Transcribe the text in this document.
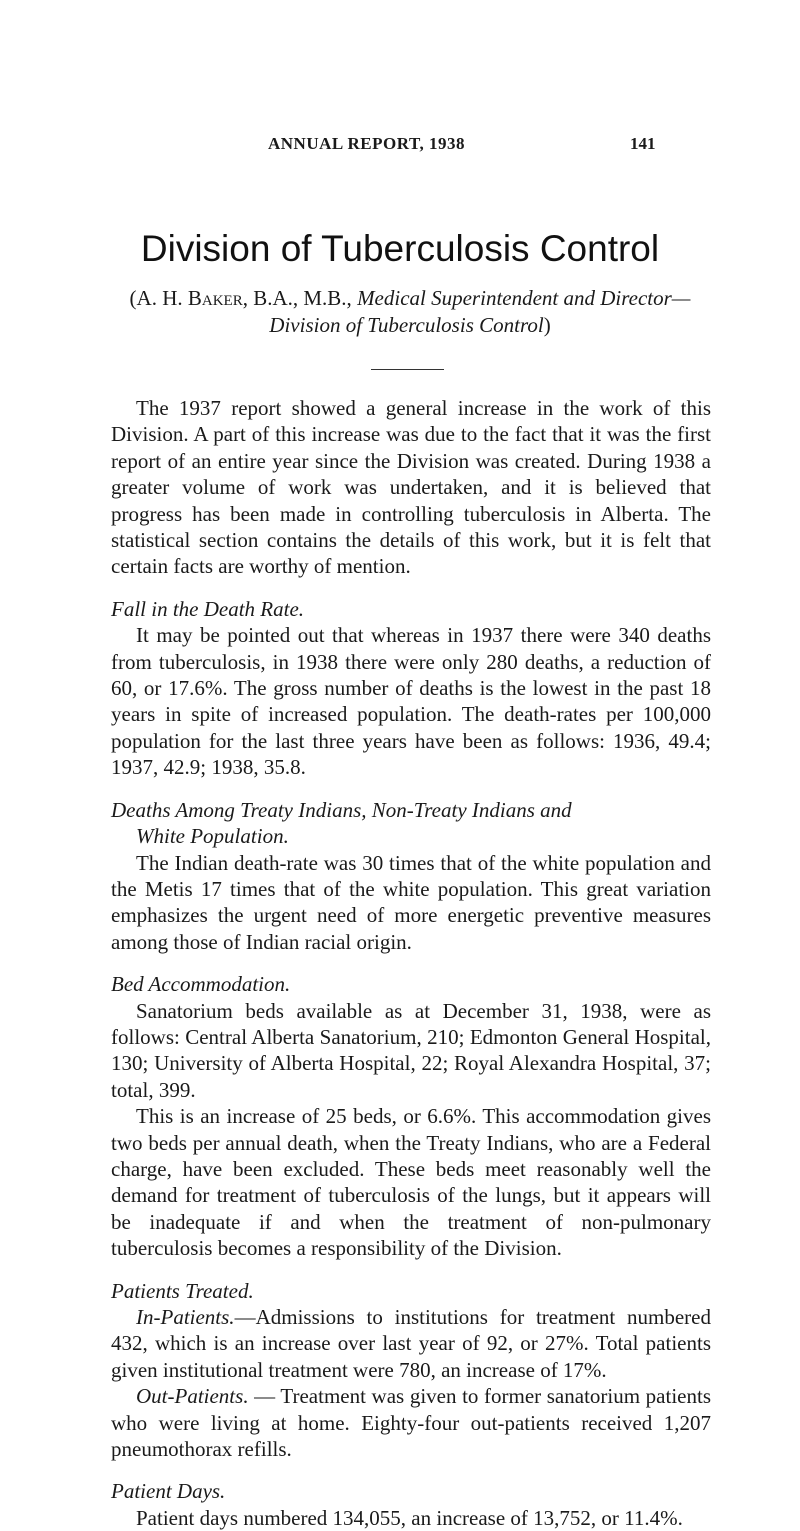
ANNUAL REPORT, 1938	141
Division of Tuberculosis Control
(A. H. Baker, B.A., M.B., Medical Superintendent and Director—
Division of Tuberculosis Control)

The 1937 report showed a general increase in the work of this Division. A part of this increase was due to the fact that it was the first report of an entire year since the Division was created. During 1938 a greater volume of work was undertaken, and it is believed that progress has been made in controlling tuberculosis in Alberta. The statistical section contains the details of this work, but it is felt that certain facts are worthy of mention.

Fall in the Death Rate.

It may be pointed out that whereas in 1937 there were 340 deaths from tuberculosis, in 1938 there were only 280 deaths, a reduction of 60, or 17.6%. The gross number of deaths is the lowest in the past 18 years in spite of increased population. The death-rates per 100,000 population for the last three years have been as follows: 1936, 49.4; 1937, 42.9; 1938, 35.8.

Deaths Among Treaty Indians, Non-Treaty Indians and

White Population.

The Indian death-rate was 30 times that of the white population and the Metis 17 times that of the white population. This great variation emphasizes the urgent need of more energetic preventive measures among those of Indian racial origin.

Bed Accommodation.

Sanatorium beds available as at December 31, 1938, were as follows: Central Alberta Sanatorium, 210; Edmonton General Hospital, 130; University of Alberta Hospital, 22; Royal Alexandra Hospital, 37; total, 399.

This is an increase of 25 beds, or 6.6%. This accommodation gives two beds per annual death, when the Treaty Indians, who are a Federal charge, have been excluded. These beds meet reasonably well the demand for treatment of tuberculosis of the lungs, but it appears will be inadequate if and when the treatment of non-pulmonary tuberculosis becomes a responsibility of the Division.

Patients Treated.

In-Patients.—Admissions to institutions for treatment numbered 432, which is an increase over last year of 92, or 27%. Total patients given institutional treatment were 780, an increase of 17%.

Out-Patients. — Treatment was given to former sanatorium patients who were living at home. Eighty-four out-patients received 1,207 pneumothorax refills.

Patient Days.

Patient days numbered 134,055, an increase of 13,752, or 11.4%.
